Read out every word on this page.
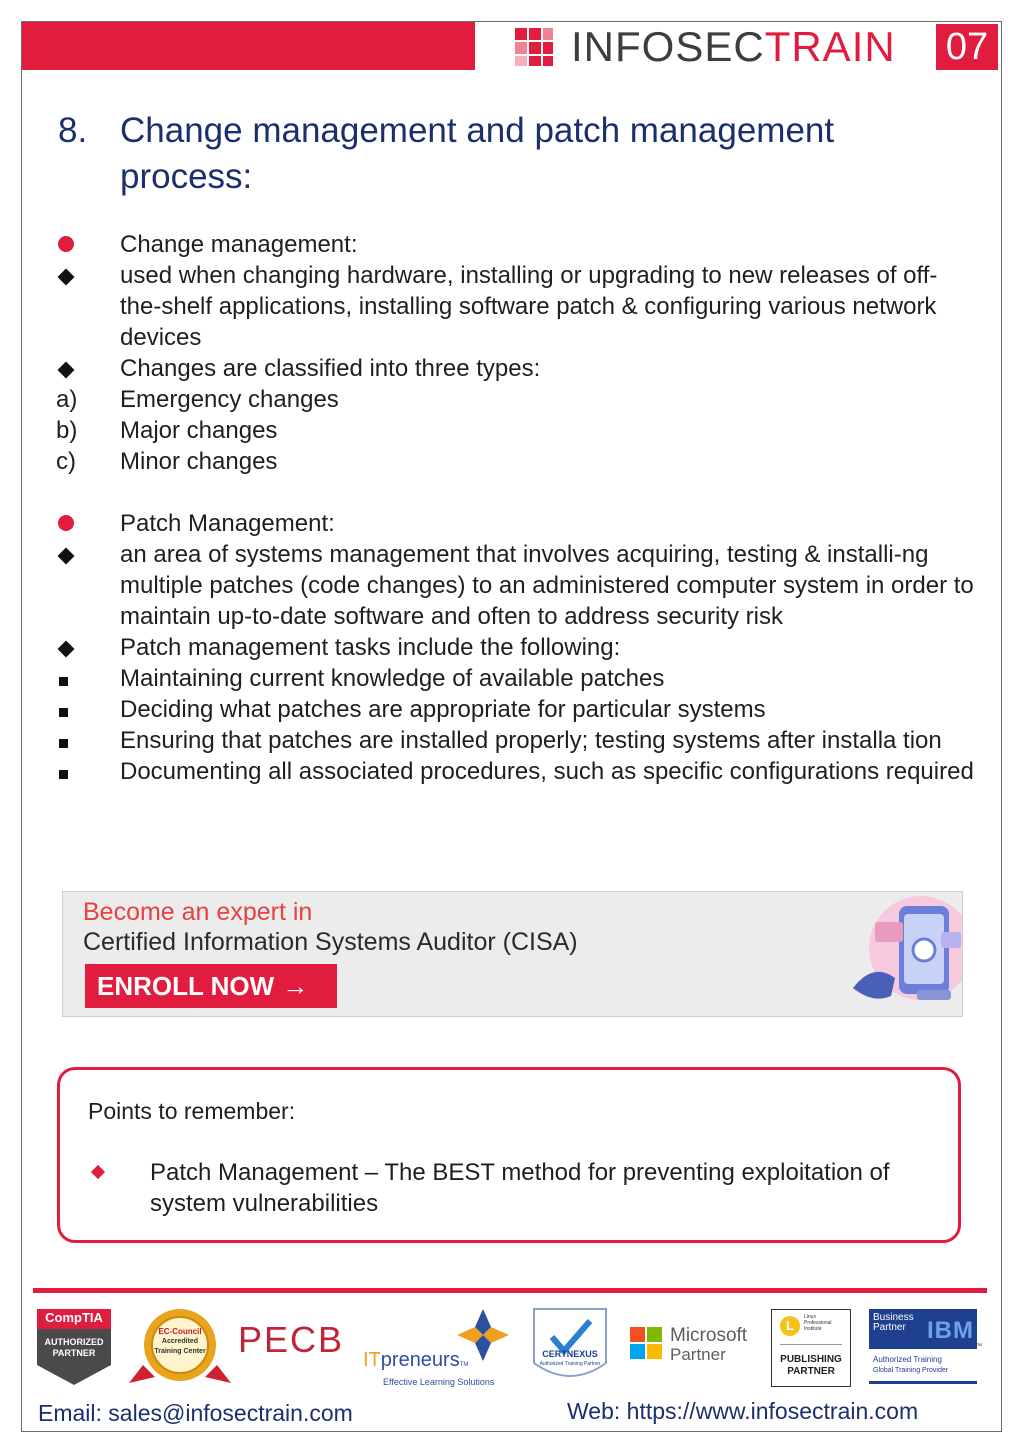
INFOSECTRAIN 07
8. Change management and patch management process:
Change management:
used when changing hardware, installing or upgrading to new releases of off-the-shelf applications, installing software patch & configuring various network devices
Changes are classified into three types:
a)	Emergency changes
b)	Major changes
c)	Minor changes
Patch Management:
an area of systems management that involves acquiring, testing & installi-ng multiple patches (code changes) to an administered computer system in order to maintain up-to-date software and often to address security risk
Patch management tasks include the following:
Maintaining current knowledge of available patches
Deciding what patches are appropriate for particular systems
Ensuring that patches are installed properly; testing systems after installa tion
Documenting all associated procedures, such as specific configurations required
Become an expert in
Certified Information Systems Auditor (CISA)
ENROLL NOW →
Points to remember:
Patch Management – The BEST method for preventing exploitation of system vulnerabilities
CompTIA
AUTHORIZED
PARTNER
EC-Council
Accredited
Training Center PECB ITpreneursTM
Effective Learning Solutions
CERTNEXUS
Authorized Training Partner
Microsoft
Partner
L
Linux
Professional
Institute
PUBLISHING
PARTNER
Business
Partner IBM
™
Authorized Training
Global Training Provider
Email: sales@infosectrain.com	Web: https://www.infosectrain.com
